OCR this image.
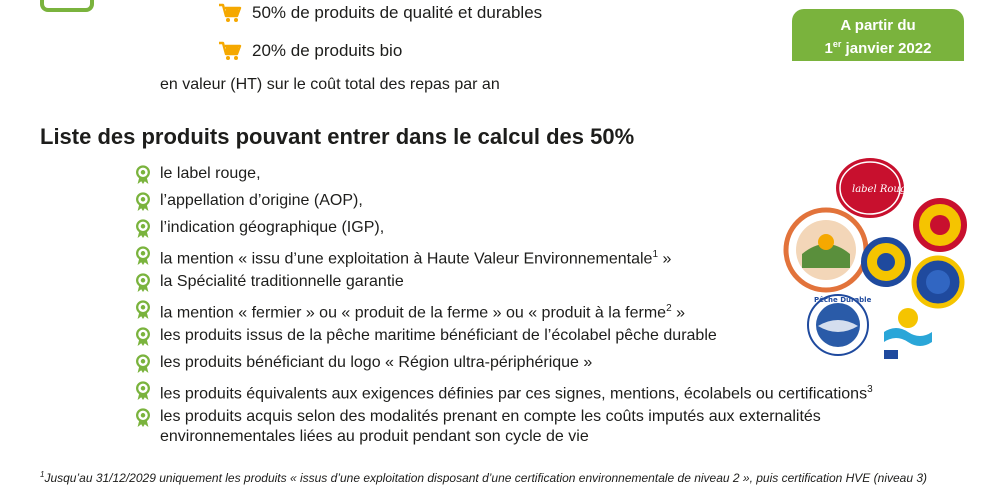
50% de produits de qualité et durables
20% de produits bio
en valeur (HT) sur le coût total des repas par an
A partir du
1er janvier 2022
Liste des produits pouvant entrer dans le calcul des 50%
le label rouge,
l’appellation d’origine (AOP),
l’indication géographique (IGP),
la mention « issu d’une exploitation à Haute Valeur Environnementale$^1$ »
la Spécialité traditionnelle garantie
la mention « fermier » ou « produit de la ferme » ou « produit à la ferme$^2$ »
les produits issus de la pêche maritime bénéficiant de l’écolabel pêche durable
les produits bénéficiant du logo « Région ultra-périphérique »
les produits équivalents aux exigences définies par ces signes, mentions, écolabels ou certifications$^3$
les produits acquis selon des modalités prenant en compte les coûts imputés aux externalités environnementales liées au produit pendant son cycle de vie
label Rouge
Pêche Durable
$^1$Jusqu’au 31/12/2029 uniquement les produits « issus d’une exploitation disposant d’une certification environnementale de niveau 2 », puis certification HVE (niveau 3)
